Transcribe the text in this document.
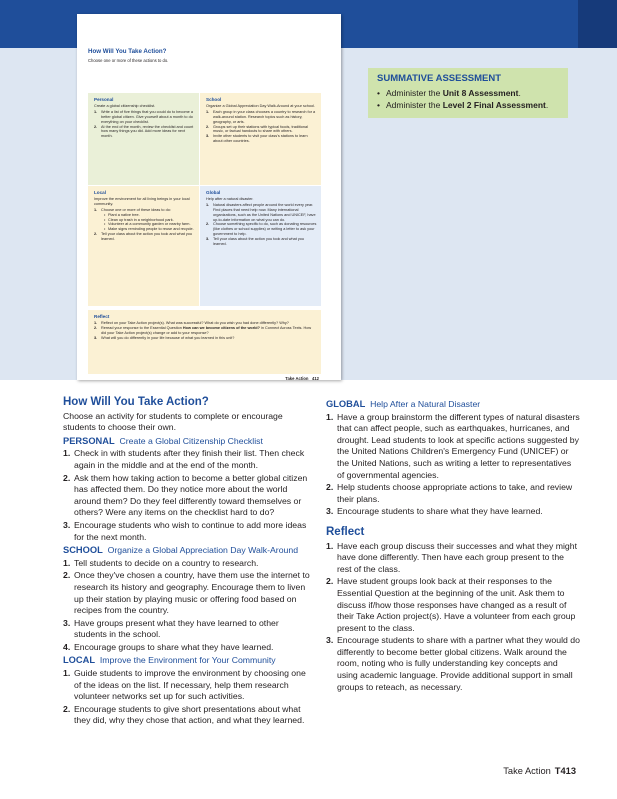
How Will You Take Action?
Choose one or more of these actions to do.
Personal
Create a global citizenship checklist.
1. Write a list of five things that you could do to become a better global citizen. Give yourself about a month to do everything on your checklist.
2. At the end of the month, review the checklist and count how many things you did. Add more ideas for next month.
School
Organize a Global Appreciation Day Walk-Around at your school.
1. Each group in your class chooses a country to research for a walk-around station. Research topics such as history, geography, or arts.
2. Groups set up their stations with typical foods, traditional music, or factual handouts to share with others.
3. Invite other students to visit your class's stations to learn about other countries.
Local
Improve the environment for all living beings in your local community.
1. Choose one or more of these ideas to do:
• Plant a native tree.
• Clean up trash in a neighborhood park.
• Volunteer at a community garden or nearby farm.
• Make signs reminding people to reuse and recycle.
2. Tell your class about the action you took and what you learned.
Global
Help after a natural disaster.
1. Natural disasters affect people around the world every year. Find places that need help now. Many international organizations, such as the United Nations and UNICEF, have up-to-date information on what you can do.
2. Choose something specific to do, such as donating resources (like clothes or school supplies) or writing a letter to ask your government to help.
3. Tell your class about the action you took and what you learned.
Reflect
1. Reflect on your Take Action project(s). What was successful? What do you wish you had done differently? Why?
2. Reread your response to the Essential Question How can we become citizens of the world? in Connect Across Texts. How did your Take Action project(s) change or add to your response?
3. What will you do differently in your life because of what you learned in this unit?
Take Action 412
SUMMATIVE ASSESSMENT
• Administer the Unit 8 Assessment.
• Administer the Level 2 Final Assessment.
How Will You Take Action?

Choose an activity for students to complete or encourage students to choose their own.

PERSONAL Create a Global Citizenship Checklist
1. Check in with students after they finish their list. Then check again in the middle and at the end of the month.
2. Ask them how taking action to become a better global citizen has affected them. Do they notice more about the world around them? Do they feel differently toward themselves or others? Were any items on the checklist hard to do?
3. Encourage students who wish to continue to add more ideas for the next month.
SCHOOL Organize a Global Appreciation Day Walk-Around
1. Tell students to decide on a country to research.
2. Once they've chosen a country, have them use the internet to research its history and geography. Encourage them to liven up their station by playing music or offering food based on recipes from the country.
3. Have groups present what they have learned to other students in the school.
4. Encourage groups to share what they have learned.
LOCAL Improve the Environment for Your Community
1. Guide students to improve the environment by choosing one of the ideas on the list. If necessary, help them research volunteer networks set up for such activities.
2. Encourage students to give short presentations about what they did, why they chose that action, and what they learned.
GLOBAL Help After a Natural Disaster
1. Have a group brainstorm the different types of natural disasters that can affect people, such as earthquakes, hurricanes, and drought. Lead students to look at specific actions suggested by the United Nations Children's Emergency Fund (UNICEF) or the United Nations, such as writing a letter to representatives of governmental agencies.
2. Help students choose appropriate actions to take, and review their plans.
3. Encourage students to share what they have learned.
Reflect
1. Have each group discuss their successes and what they might have done differently. Then have each group present to the rest of the class.
2. Have student groups look back at their responses to the Essential Question at the beginning of the unit. Ask them to discuss if/how those responses have changed as a result of their Take Action project(s). Have a volunteer from each group present to the class.
3. Encourage students to share with a partner what they would do differently to become better global citizens. Walk around the room, noting who is fully understanding key concepts and using academic language. Provide additional support in small groups to reteach, as necessary.
Take Action T413
